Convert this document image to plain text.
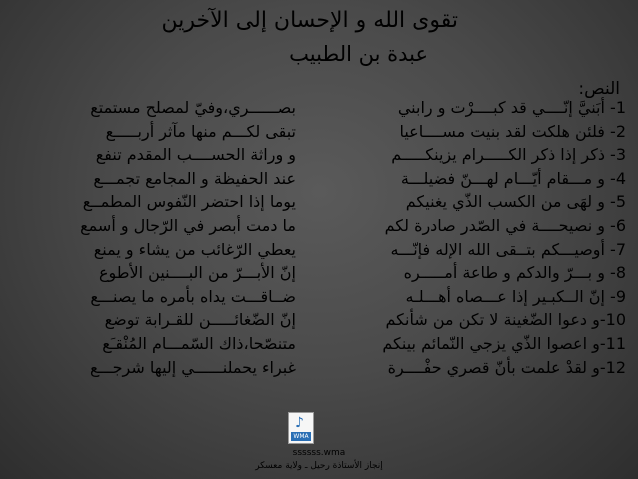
تقوى الله و الإحسان إلى الآخرين
عبدة بن الطبيب
النص:
1- أبَنيَّ إنّــــي قد كبــــرْت و رابني
بصــــــري،وفيّ لمصلح مستمتع
2- فلئن هلكت لقد بنيت مســــاعيا
تبقى لكـــم منها مآثر أربـــــع
3- ذكر إذا ذكر الكـــــرام يزينكـــــم
و وراثة الحســــب المقدم تنفع
4- و مـــقام أيّـــام لهـــنّ فضيلـــة
عند الحفيظة و المجامع تجمـــع
5- و لهَى من الكسب الذّي يغنيكم
يوما إذا احتضر النّفوس المطمــع
6- و نصيحــــة في الصّدر صادرة لكم
ما دمت أبصر في الرّجال و أسمع
7- أوصيـــكم بتــقى الله الإله فإنّـــه
يعطي الرّغائب من يشاء و يمنع
8- و بـــرّ والدكم و طاعة أمـــــره
إنّ الأبـــرّ من البــــنين الأطوع
9- إنّ الــكبـير إذا عـــصاه أهـــلـه
ضــاقـــت يداه بأمره ما يصنـــع
10-و دعوا الضّغينة لا تكن من شأنكم
إنّ الضّغائـــــن للقـرابة توضع
11-و اعصوا الذّي يزجي النّمائم بينكم
متنصّحا،ذاك السّمـــام المُنْقـَع
12-و لقدْ علمت بأنّ قصري حفْــــرة
غبراء يحملنــــــي إليها شرجـــع
♪
WMA
ssssss.wma
إنجاز الأستاذة رحيل ـ ولاية معسكر
